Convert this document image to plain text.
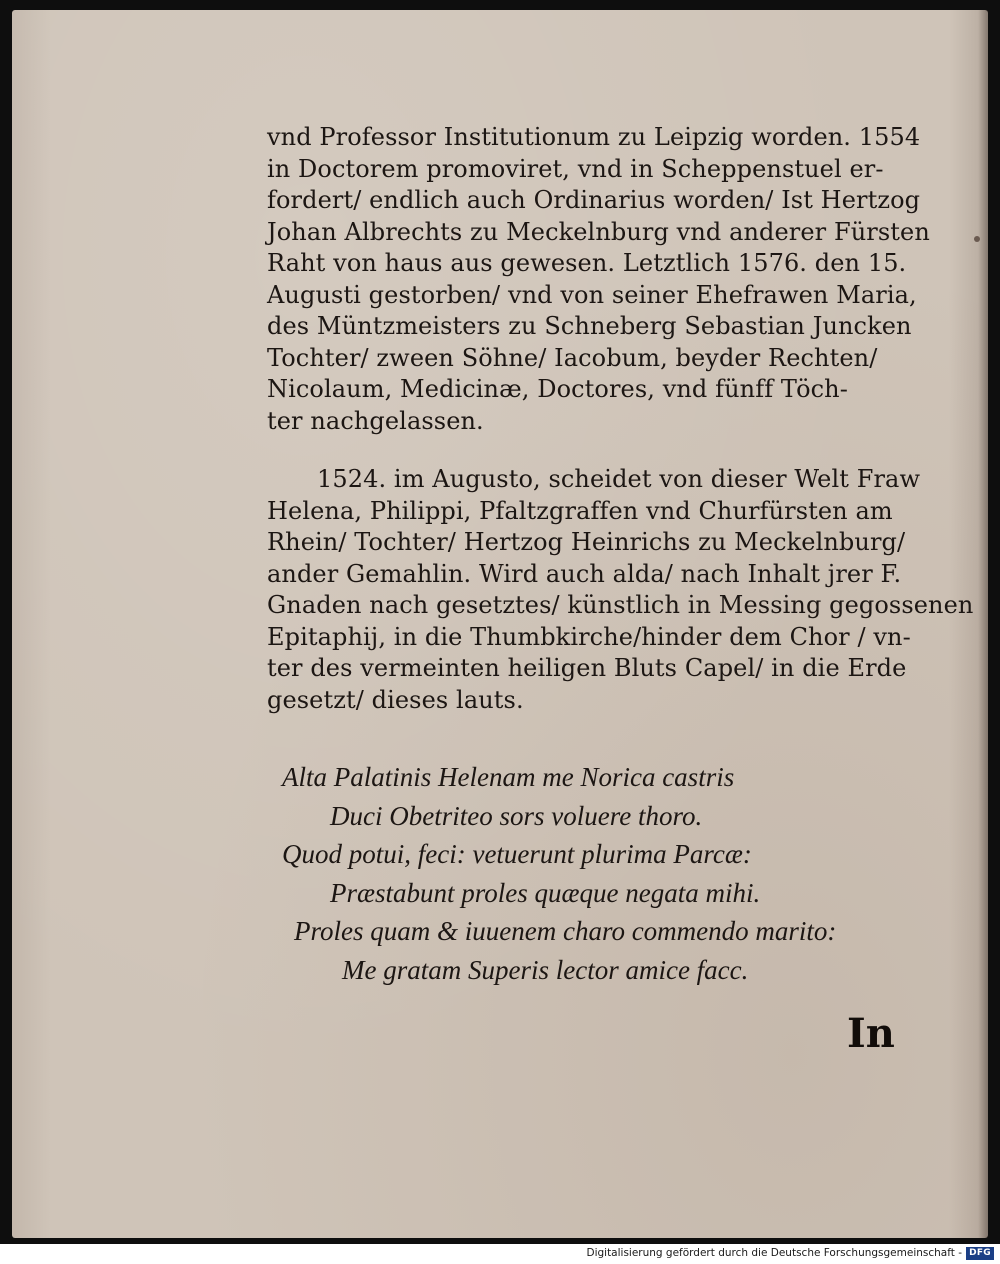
vnd Professor Institutionum zu Leipzig worden. 1554
in Doctorem promoviret, vnd in Scheppenstuel er-
fordert/ endlich auch Ordinarius worden/ Ist Hertzog
Johan Albrechts zu Meckelnburg vnd anderer Fürsten
Raht von haus aus gewesen. Letztlich 1576. den 15.
Augusti gestorben/ vnd von seiner Ehefrawen Maria,
des Müntzmeisters zu Schneberg Sebastian Juncken
Tochter/ zween Söhne/ Iacobum, beyder Rechten/
Nicolaum, Medicinæ, Doctores, vnd fünff Töch-
ter nachgelassen.
1524. im Augusto, scheidet von dieser Welt Fraw
Helena, Philippi, Pfaltzgraffen vnd Churfürsten am
Rhein/ Tochter/ Hertzog Heinrichs zu Meckelnburg/
ander Gemahlin. Wird auch alda/ nach Inhalt jrer F.
Gnaden nach gesetztes/ künstlich in Messing gegossenen
Epitaphij, in die Thumbkirche/hinder dem Chor / vn-
ter des vermeinten heiligen Bluts Capel/ in die Erde
gesetzt/ dieses lauts.
Alta Palatinis Helenam me Norica castris
Duci Obetriteo sors voluere thoro.
Quod potui, feci: vetuerunt plurima Parcæ:
Præstabunt proles quæque negata mihi.
Proles quam & iuuenem charo commendo marito:
Me gratam Superis lector amice facc.
In
Digitalisierung gefördert durch die Deutsche Forschungsgemeinschaft - DFG
